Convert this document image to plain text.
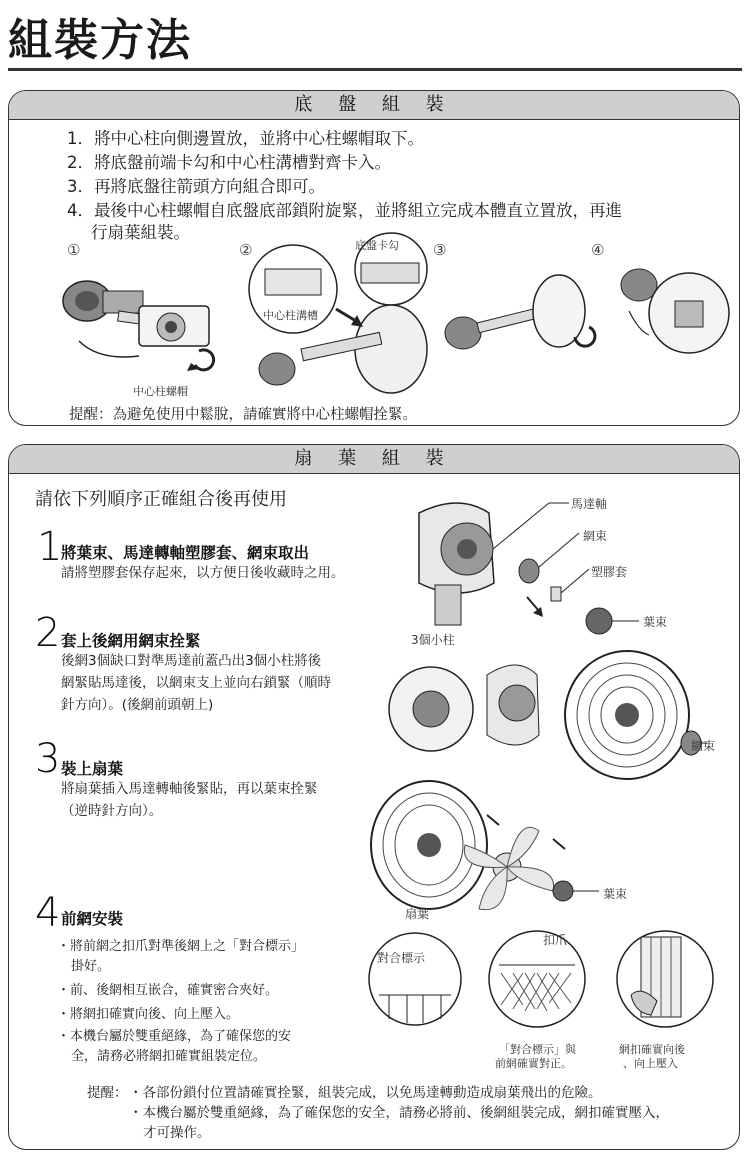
組裝方法
底 盤 組 裝
1．將中心柱向側邊置放，並將中心柱螺帽取下。
2．將底盤前端卡勾和中心柱溝槽對齊卡入。
3．再將底盤往箭頭方向組合即可。
4．最後中心柱螺帽自底盤底部鎖附旋緊，並將組立完成本體直立置放，再進
行扇葉組裝。
①	②	③	④
中心柱螺帽
底盤卡勾
中心柱溝槽
提醒：為避免使用中鬆脫，請確實將中心柱螺帽拴緊。
扇 葉 組 裝
請依下列順序正確組合後再使用
1
將葉束、馬達轉軸塑膠套、網束取出
請將塑膠套保存起來，以方便日後收藏時之用。
2 套上後網用網束拴緊
後網3個缺口對準馬達前蓋凸出3個小柱將後
網緊貼馬達後，以網束支上並向右鎖緊（順時
針方向）。(後網前頭朝上)
3 裝上扇葉
將扇葉插入馬達轉軸後緊貼，再以葉束拴緊
（逆時針方向）。
4 前網安裝
・將前網之扣爪對準後網上之「對合標示」
掛好。
・前、後網相互嵌合，確實密合夾好。
・將網扣確實向後、向上壓入。
・本機台屬於雙重絕緣，為了確保您的安
全，請務必將網扣確實組裝定位。
馬達軸
網束
塑膠套
葉束
3個小柱
網束
葉束
扇葉
對合標示
扣爪
「對合標示」與
前網確實對正。
網扣確實向後
、向上壓入
提醒： ・各部份鎖付位置請確實拴緊，組裝完成，以免馬達轉動造成扇葉飛出的危險。
・本機台屬於雙重絕緣，為了確保您的安全，請務必將前、後網組裝完成，網扣確實壓入，
才可操作。
